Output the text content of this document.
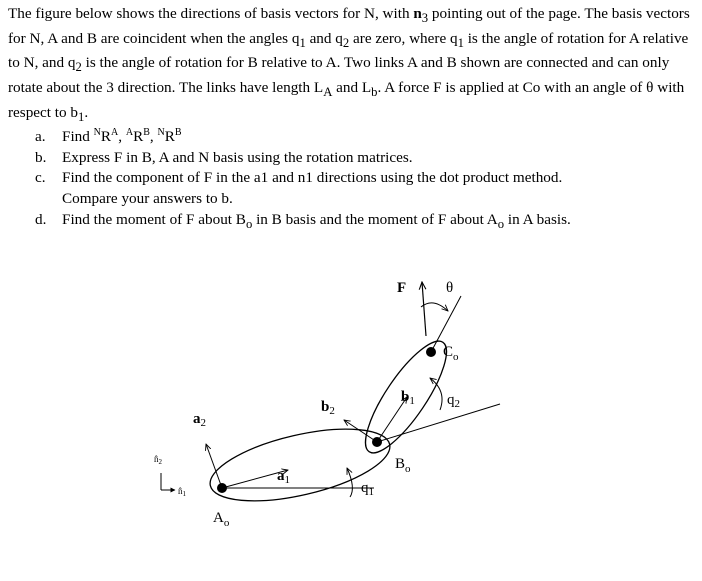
The figure below shows the directions of basis vectors for N, with $n_3$ pointing out of the page. The basis vectors for N, A and B are coincident when the angles $q_1$ and $q_2$ are zero, where $q_1$ is the angle of rotation for A relative to N, and $q_2$ is the angle of rotation for B relative to A. Two links A and B shown are connected and can only rotate about the 3 direction. The links have length $L_A$ and $L_b$. A force F is applied at Co with an angle of θ with respect to $b_1$.

a. Find $^NR^A$, $^AR^B$, $^NR^B$
b. Express F in B, A and N basis using the rotation matrices.
c. Find the component of F in the a1 and n1 directions using the dot product method.
Compare your answers to b.
d. Find the moment of F about $B_o$ in B basis and the moment of F about $A_o$ in A basis.
F	θ
$C_o$
$q_2$
$b_1$
$b_2$
$a_2$
$a_1$	$q_1$
$B_o$
$A_o$
$n̂_2$
$n̂_1$
